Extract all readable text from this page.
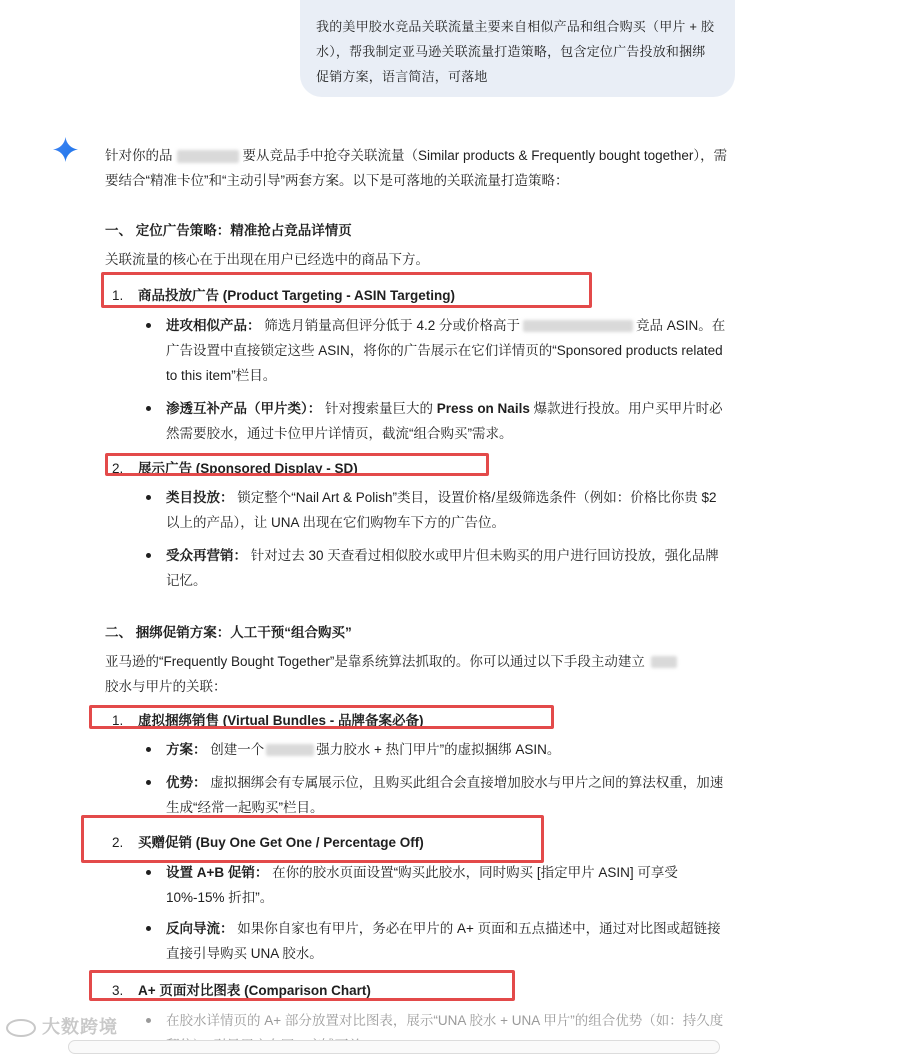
我的美甲胶水竞品关联流量主要来自相似产品和组合购买（甲片 + 胶水），帮我制定亚马逊关联流量打造策略，包含定位广告投放和捆绑促销方案，语言简洁，可落地
针对你的品	要从竞品手中抢夺关联流量（Similar products & Frequently bought together），需要结合“精准卡位”和“主动引导”两套方案。以下是可落地的关联流量打造策略：
一、 定位广告策略：精准抢占竞品详情页
关联流量的核心在于出现在用户已经选中的商品下方。
1. 商品投放广告 (Product Targeting - ASIN Targeting)
进攻相似产品： 筛选月销量高但评分低于 4.2 分或价格高于	竞品 ASIN。在广告设置中直接锁定这些 ASIN，将你的广告展示在它们详情页的“Sponsored products related to this item”栏目。
渗透互补产品（甲片类）： 针对搜索量巨大的 Press on Nails 爆款进行投放。用户买甲片时必然需要胶水，通过卡位甲片详情页，截流“组合购买”需求。
2. 展示广告 (Sponsored Display - SD)
类目投放： 锁定整个“Nail Art & Polish”类目，设置价格/星级筛选条件（例如：价格比你贵 $2 以上的产品），让 UNA 出现在它们购物车下方的广告位。
受众再营销： 针对过去 30 天查看过相似胶水或甲片但未购买的用户进行回访投放，强化品牌记忆。
二、 捆绑促销方案：人工干预“组合购买”
亚马逊的“Frequently Bought Together”是靠系统算法抓取的。你可以通过以下手段主动建立
胶水与甲片的关联：
1. 虚拟捆绑销售 (Virtual Bundles - 品牌备案必备)
方案： 创建一个	强力胶水 + 热门甲片”的虚拟捆绑 ASIN。
优势： 虚拟捆绑会有专属展示位，且购买此组合会直接增加胶水与甲片之间的算法权重，加速生成“经常一起购买”栏目。
2. 买赠促销 (Buy One Get One / Percentage Off)
设置 A+B 促销： 在你的胶水页面设置“购买此胶水，同时购买 [指定甲片 ASIN] 可享受 10%-15% 折扣”。
反向导流： 如果你自家也有甲片，务必在甲片的 A+ 页面和五点描述中，通过对比图或超链接直接引导购买 UNA 胶水。
3. A+ 页面对比图表 (Comparison Chart)
在胶水详情页的 A+ 部分放置对比图表，展示“UNA 胶水 + UNA 甲片”的组合优势（如：持久度
大数跨境
